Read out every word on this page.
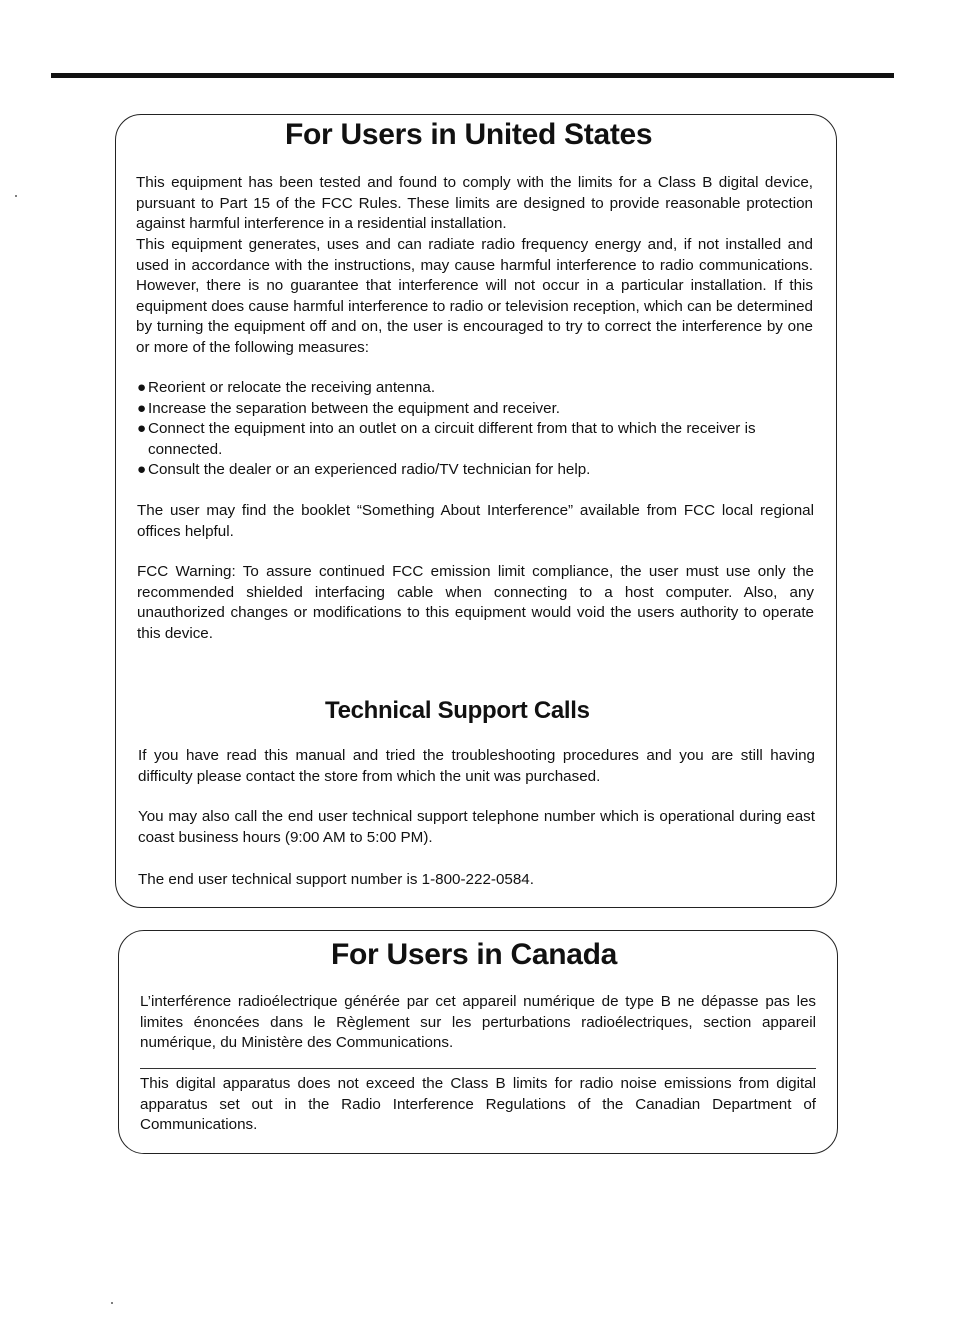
For Users in United States

This equipment has been tested and found to comply with the limits for a Class B digital device, pursuant to Part 15 of the FCC Rules. These limits are designed to provide reasonable protection against harmful interference in a residential installation.

This equipment generates, uses and can radiate radio frequency energy and, if not installed and used in accordance with the instructions, may cause harmful interference to radio communications. However, there is no guarantee that interference will not occur in a particular installation. If this equipment does cause harmful interference to radio or television reception, which can be determined by turning the equipment off and on, the user is encouraged to try to correct the interference by one or more of the following measures:

● Reorient or relocate the receiving antenna.
● Increase the separation between the equipment and receiver.
● Connect the equipment into an outlet on a circuit different from that to which the receiver is connected.
● Consult the dealer or an experienced radio/TV technician for help.

The user may find the booklet “Something About Interference” available from FCC local regional offices helpful.

FCC Warning: To assure continued FCC emission limit compliance, the user must use only the recommended shielded interfacing cable when connecting to a host computer. Also, any unauthorized changes or modifications to this equipment would void the users authority to operate this device.

Technical Support Calls

If you have read this manual and tried the troubleshooting procedures and you are still having difficulty please contact the store from which the unit was purchased.

You may also call the end user technical support telephone number which is operational during east coast business hours (9:00 AM to 5:00 PM).

The end user technical support number is 1-800-222-0584.

For Users in Canada

L’interférence radioélectrique générée par cet appareil numérique de type B ne dépasse pas les limites énoncées dans le Règlement sur les perturbations radioélectriques, section appareil numérique, du Ministère des Communications.

This digital apparatus does not exceed the Class B limits for radio noise emissions from digital apparatus set out in the Radio Interference Regulations of the Canadian Department of Communications.
